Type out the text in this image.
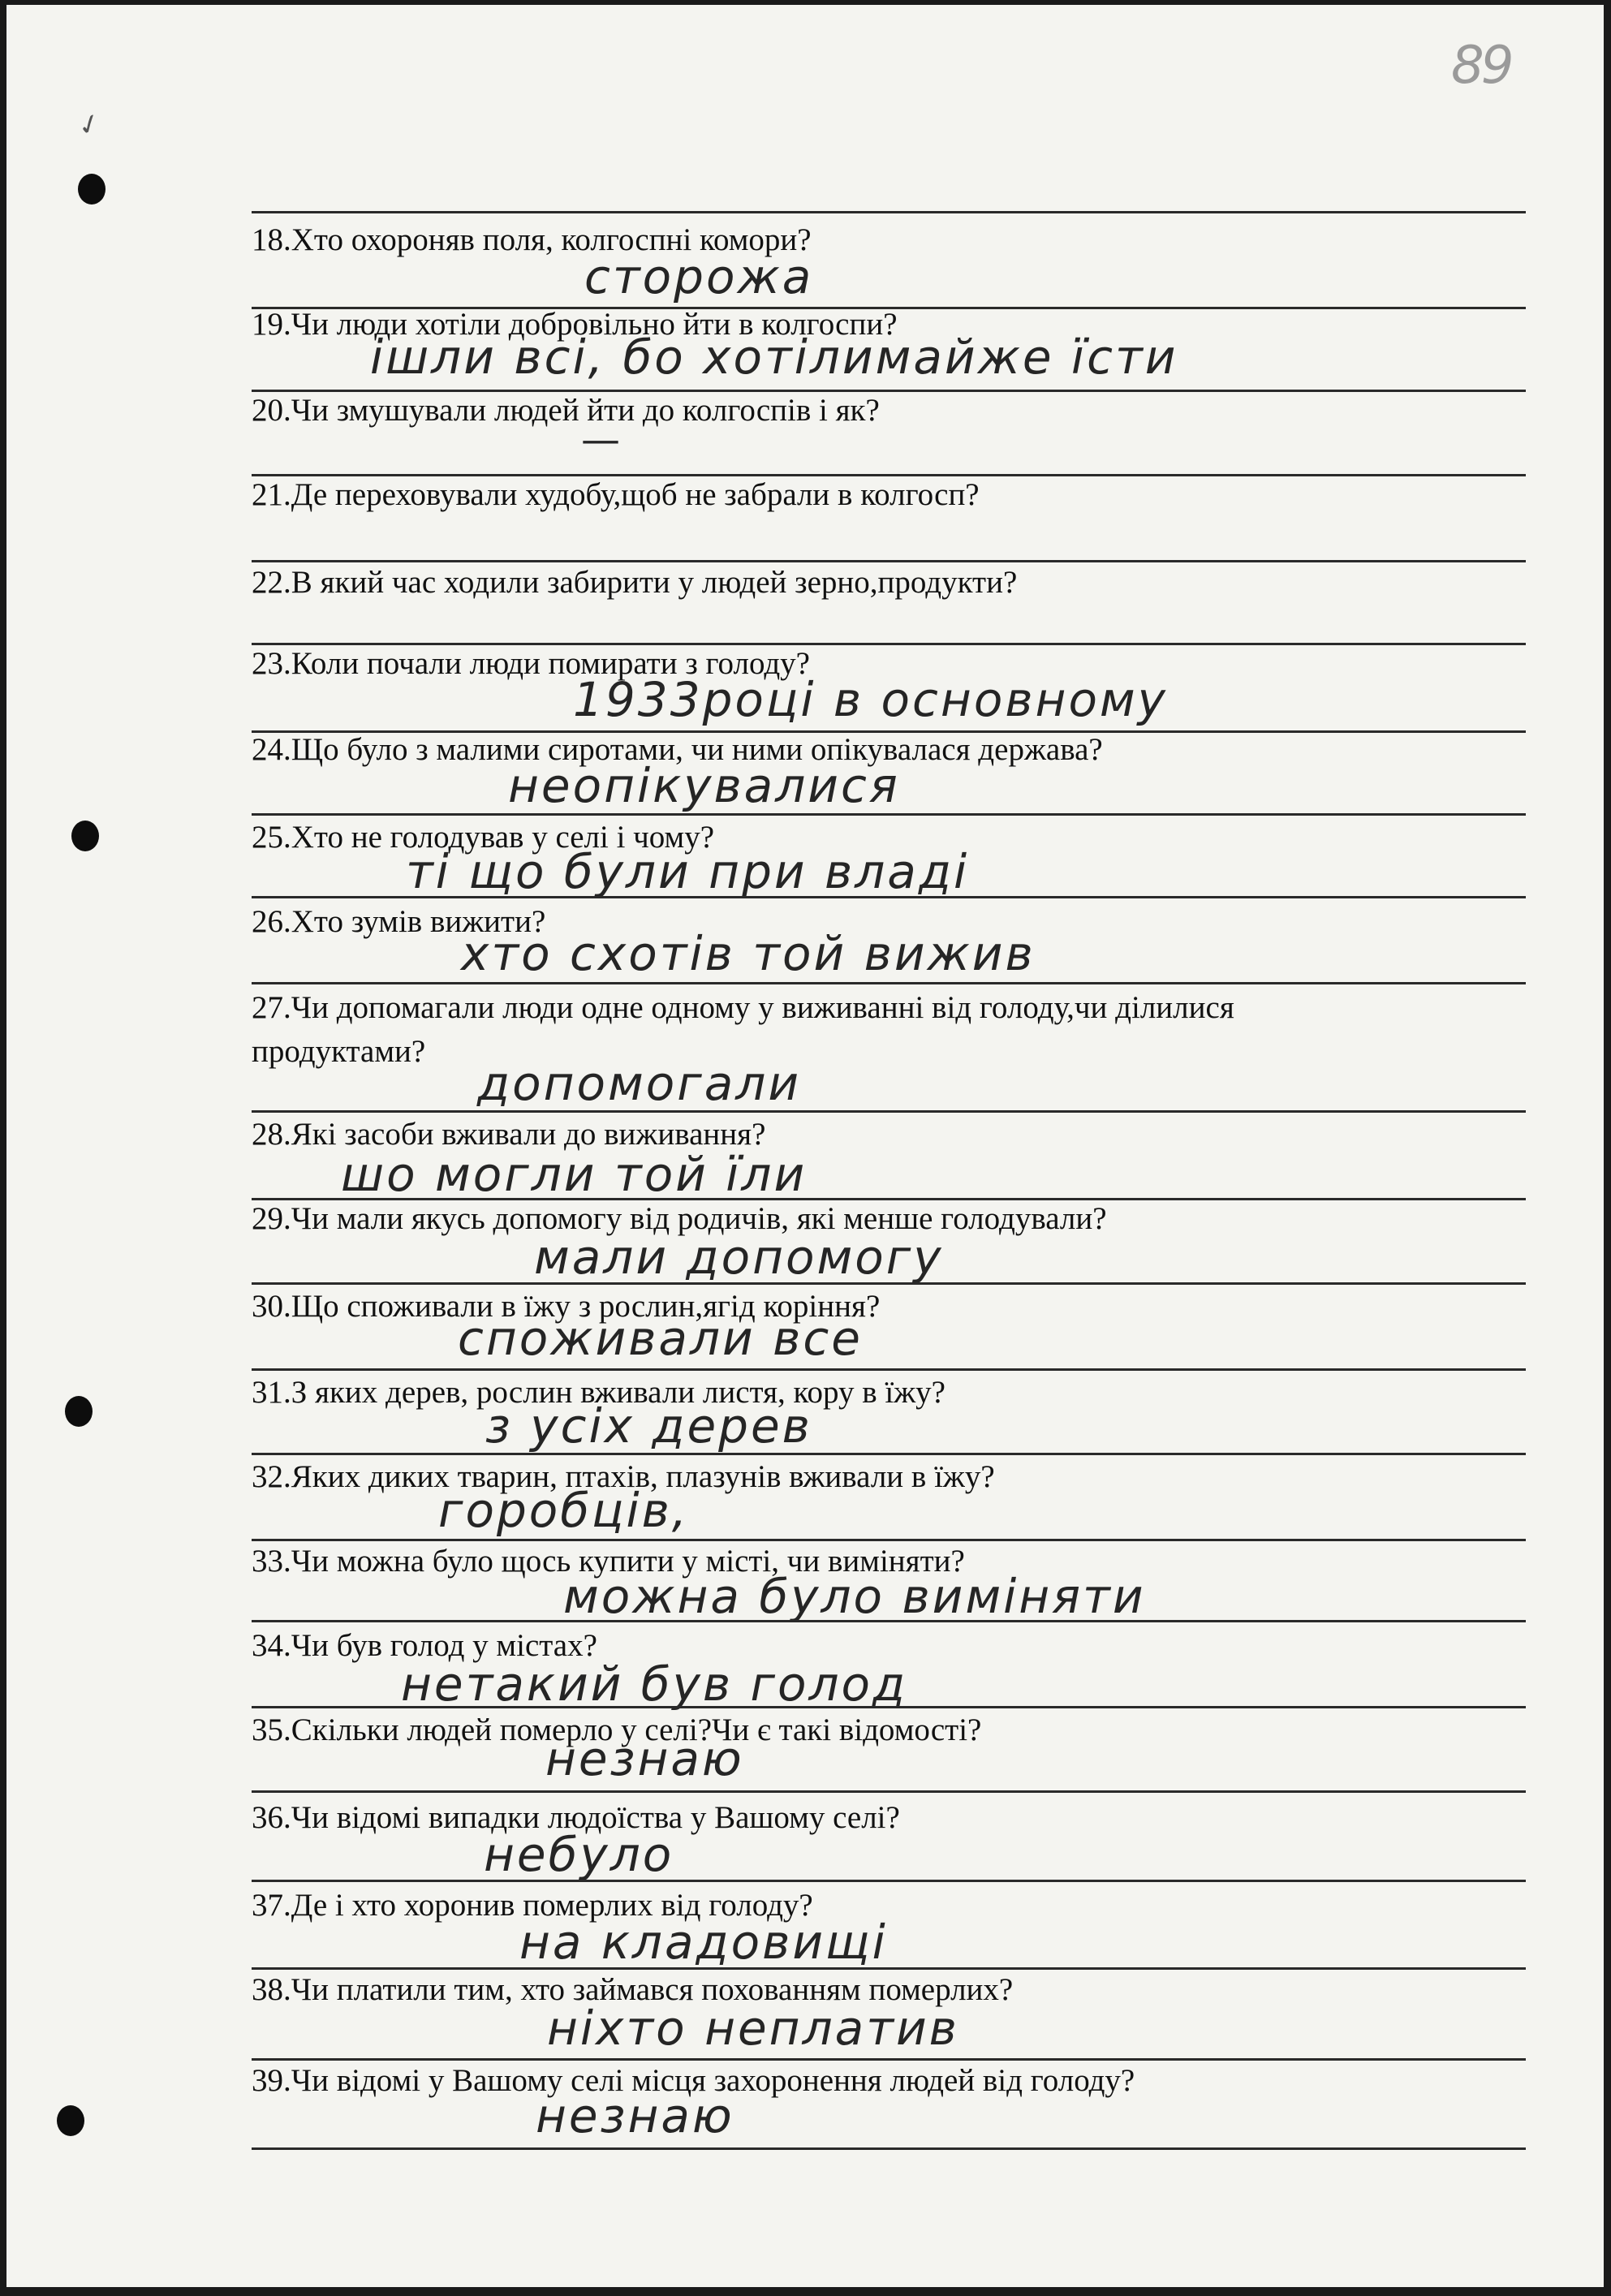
89
✓
18.Хто охороняв поля, колгоспні комори?
сторожа
19.Чи люди хотіли добровільно йти в колгоспи?
ішли всі, бо хотілимайже їсти
20.Чи змушували людей йти до колгоспів і як?
—
21.Де переховували худобу,щоб не забрали в колгосп?
22.В який час ходили забирити у людей зерно,продукти?
23.Коли почали люди помирати з голоду?
1933році в основному
24.Що було з малими сиротами, чи ними опікувалася держава?
неопікувалися
25.Хто не голодував у селі і чому?
ті що були при владі
26.Хто зумів вижити?
хто схотів той вижив
27.Чи допомагали люди одне одному у виживанні від голоду,чи ділилися
продуктами?
допомогали
28.Які засоби вживали до виживання?
шо могли той їли
29.Чи мали якусь допомогу від родичів, які менше голодували?
мали допомогу
30.Що споживали в їжу з рослин,ягід коріння?
споживали все
31.З яких дерев, рослин вживали листя, кору в їжу?
з усіх дерев
32.Яких диких тварин, птахів, плазунів вживали в їжу?
горобців,
33.Чи можна було щось купити у місті, чи виміняти?
можна було виміняти
34.Чи був голод у містах?
нетакий був голод
35.Скільки людей померло у селі?Чи є такі відомості?
незнаю
36.Чи відомі випадки людоїства у Вашому селі?
небуло
37.Де і хто хоронив померлих від голоду?
на кладовищі
38.Чи платили тим, хто займався похованням померлих?
ніхто неплатив
39.Чи відомі у Вашому селі місця захоронення людей від голоду?
незнаю
